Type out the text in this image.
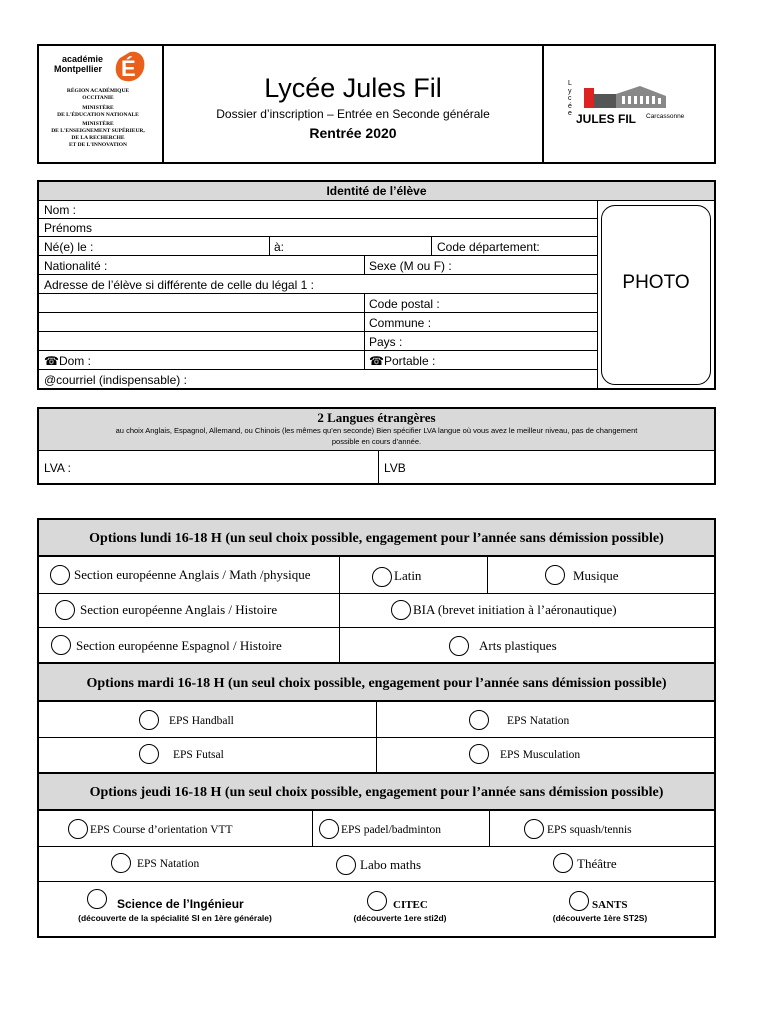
académie
Montpellier É
RÉGION ACADÉMIQUE
OCCITANIE
MINISTÈRE
DE L'ÉDUCATION NATIONALE
MINISTÈRE
DE L'ENSEIGNEMENT SUPÉRIEUR,
DE LA RECHERCHE
ET DE L'INNOVATION
Lycée Jules Fil
Dossier d’inscription – Entrée en Seconde générale
Rentrée 2020
Lycée JULES FIL Carcassonne
Identité de l’élève
Nom :
Prénoms
Né(e) le :	à:	Code département:
Nationalité :	Sexe (M ou F) :
Adresse de l’élève si différente de celle du légal 1 :
Code postal :
Commune :
Pays :
☎Dom :	☎Portable :
@courriel (indispensable) :
PHOTO
2 Langues étrangères
au choix Anglais, Espagnol, Allemand, ou Chinois (les mêmes qu’en seconde) Bien spécifier LVA langue où vous avez le meilleur niveau, pas de changement
possible en cours d’année.
LVA :	LVB
Options lundi 16-18 H (un seul choix possible, engagement pour l’année sans démission possible)
Section européenne Anglais / Math /physique	Latin	Musique
Section européenne Anglais / Histoire	BIA (brevet initiation à l’aéronautique)
Section européenne Espagnol / Histoire	Arts plastiques
Options mardi 16-18 H (un seul choix possible, engagement pour l’année sans démission possible)
EPS Handball	EPS Natation
EPS Futsal	EPS Musculation
Options jeudi 16-18 H (un seul choix possible, engagement pour l’année sans démission possible)
EPS Course d’orientation VTT	EPS padel/badminton	EPS squash/tennis
EPS Natation	Labo maths	Théâtre
Science de l’Ingénieur
(découverte de la spécialité SI en 1ère générale)
CITEC
(découverte 1ere sti2d)
SANTS
(découverte 1ère ST2S)
